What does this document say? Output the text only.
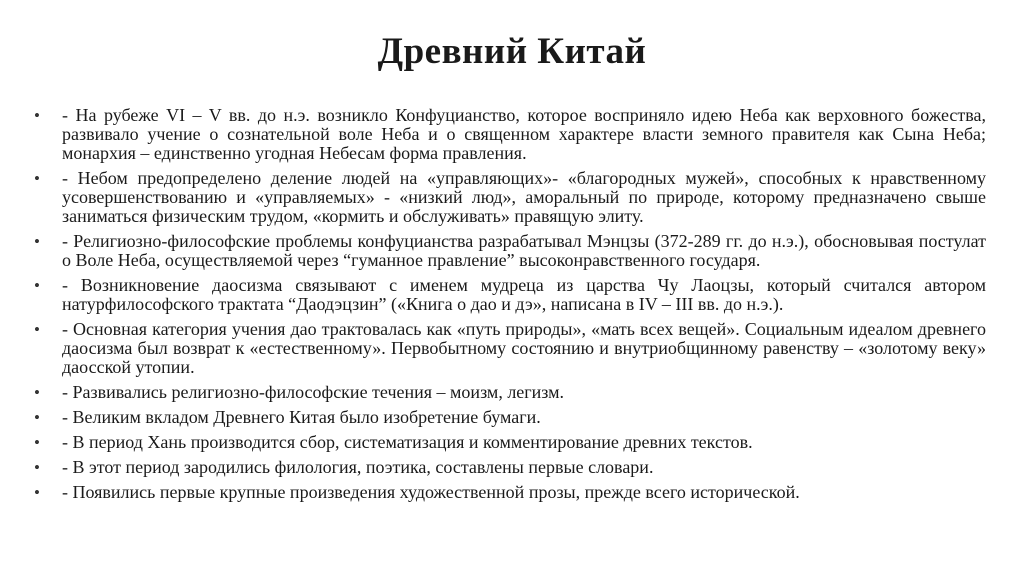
Древний Китай
• - На рубеже VI – V вв. до н.э. возникло Конфуцианство, которое восприняло идею Неба как верховного божества, развивало учение о сознательной воле Неба и о священном характере власти земного правителя как Сына Неба; монархия – единственно угодная Небесам форма правления.
• - Небом предопределено деление людей на «управляющих»- «благородных мужей», способных к нравственному усовершенствованию и «управляемых» - «низкий люд», аморальный по природе, которому предназначено свыше заниматься физическим трудом, «кормить и обслуживать» правящую элиту.
• - Религиозно-философские проблемы конфуцианства разрабатывал Мэнцзы (372-289 гг. до н.э.), обосновывая постулат о Воле Неба, осуществляемой через “гуманное правление” высоконравственного государя.
• - Возникновение даосизма связывают с именем мудреца из царства Чу Лаоцзы, который считался автором натурфилософского трактата “Даодэцзин” («Книга о дао и дэ», написана в IV – III вв. до н.э.).
• - Основная категория учения дао трактовалась как «путь природы», «мать всех вещей». Социальным идеалом древнего даосизма был возврат к «естественному». Первобытному состоянию и внутриобщинному равенству – «золотому веку» даосской утопии.
• - Развивались религиозно-философские течения – моизм, легизм.
• - Великим вкладом Древнего Китая было изобретение бумаги.
• - В период Хань производится сбор, систематизация и комментирование древних текстов.
• - В этот период зародились филология, поэтика, составлены первые словари.
• - Появились первые крупные произведения художественной прозы, прежде всего исторической.
